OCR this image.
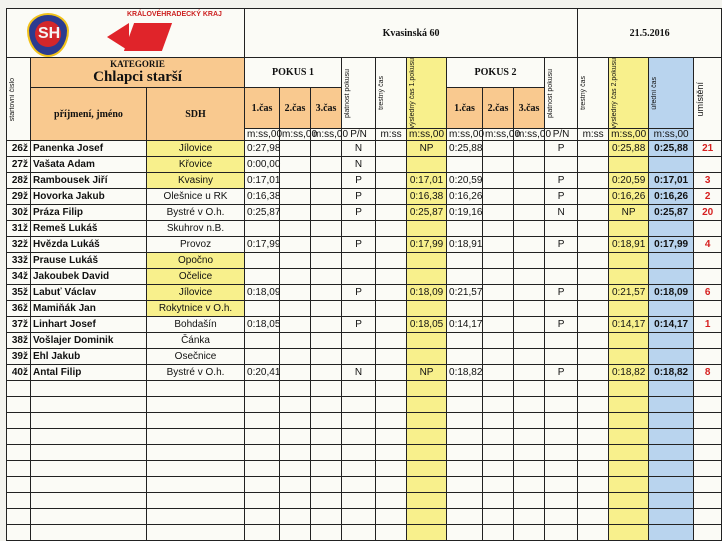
SH
KRÁLOVÉHRADECKÝ KRAJ			Kvasinská 60										21.5.2016			

startovní číslo	KATEGORIE
Chlapci starší		POKUS 1			platnost pokusu	trestný čas	výsledný čas 1.pokusu	POKUS 2			platnost pokusu	trestný čas	výsledný čas 2.pokusu	úřední čas	umístění

	příjmení, jméno	SDH	1.čas	2.čas	3.čas				1.čas	2.čas	3.čas					
			m:ss,00	m:ss,00	m:ss,00	P/N	m:ss	m:ss,00	m:ss,00	m:ss,00	m:ss,00	P/N	m:ss	m:ss,00	m:ss,00	
26ž	Panenka Josef	Jílovice	0:27,98			N		NP	0:25,88			P		0:25,88	0:25,88	21
27ž	Vašata Adam	Křovice	0:00,00			N										
28ž	Rambousek Jiří	Kvasiny	0:17,01			P		0:17,01	0:20,59			P		0:20,59	0:17,01	3
29ž	Hovorka Jakub	Olešnice u RK	0:16,38			P		0:16,38	0:16,26			P		0:16,26	0:16,26	2
30ž	Práza Filip	Bystré v O.h.	0:25,87			P		0:25,87	0:19,16			N		NP	0:25,87	20
31ž	Remeš Lukáš	Skuhrov n.B.														
32ž	Hvězda Lukáš	Provoz	0:17,99			P		0:17,99	0:18,91			P		0:18,91	0:17,99	4
33ž	Prause Lukáš	Opočno														
34ž	Jakoubek David	Očelice														
35ž	Labuť Václav	Jílovice	0:18,09			P		0:18,09	0:21,57			P		0:21,57	0:18,09	6
36ž	Mamiňák Jan	Rokytnice v O.h.														
37ž	Linhart Josef	Bohdašín	0:18,05			P		0:18,05	0:14,17			P		0:14,17	0:14,17	1
38ž	Vošlajer Dominik	Čánka														
39ž	Ehl Jakub	Osečnice														
40ž	Antal Filip	Bystré v O.h.	0:20,41			N		NP	0:18,82			P		0:18,82	0:18,82	8
